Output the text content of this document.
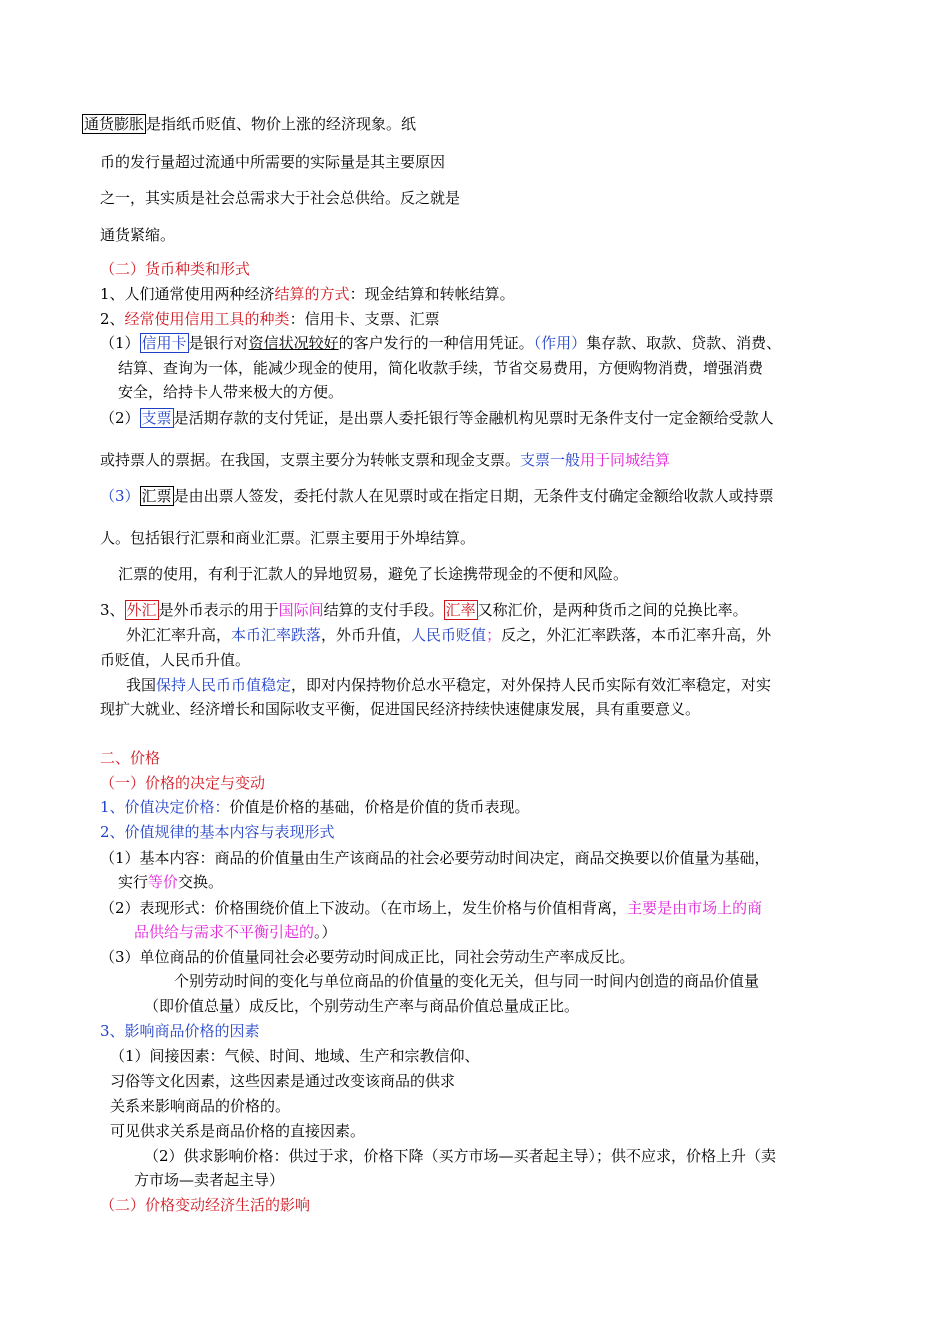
通货膨胀 是指纸币贬值、物价上涨的经济现象。纸
币的发行量超过流通中所需要的实际量是其主要原因
之一，其实质是社会总需求大于社会总供给。反之就是
通货紧缩。
（二）货币种类和形式
1、人们通常使用两种经济结算的方式：现金结算和转帐结算。
2、经常使用信用工具的种类：信用卡、支票、汇票
（1） 信用卡 是银行对资信状况较好的客户发行的一种信用凭证。（作用）集存款、取款、贷款、消费、
结算、查询为一体，能减少现金的使用，简化收款手续，节省交易费用，方便购物消费，增强消费
安全，给持卡人带来极大的方便。
（2） 支票 是活期存款的支付凭证，是出票人委托银行等金融机构见票时无条件支付一定金额给受款人
或持票人的票据。在我国，支票主要分为转帐支票和现金支票。支票一般用于同城结算
（3） 汇票 是由出票人签发，委托付款人在见票时或在指定日期，无条件支付确定金额给收款人或持票
人。包括银行汇票和商业汇票。汇票主要用于外埠结算。
汇票的使用，有利于汇款人的异地贸易，避免了长途携带现金的不便和风险。
3、 外汇 是外币表示的用于国际间结算的支付手段。 汇率 又称汇价，是两种货币之间的兑换比率。
外汇汇率升高，本币汇率跌落，外币升值，人民币贬值；反之，外汇汇率跌落，本币汇率升高，外
币贬值，人民币升值。
我国保持人民币币值稳定，即对内保持物价总水平稳定，对外保持人民币实际有效汇率稳定，对实
现扩大就业、经济增长和国际收支平衡，促进国民经济持续快速健康发展，具有重要意义。
二、价格
（一）价格的决定与变动
1、价值决定价格：价值是价格的基础，价格是价值的货币表现。
2、价值规律的基本内容与表现形式
（1）基本内容：商品的价值量由生产该商品的社会必要劳动时间决定，商品交换要以价值量为基础，
实行等价交换。
（2）表现形式：价格围绕价值上下波动。（在市场上，发生价格与价值相背离，主要是由市场上的商
品供给与需求不平衡引起的。）
（3）单位商品的价值量同社会必要劳动时间成正比，同社会劳动生产率成反比。
个别劳动时间的变化与单位商品的价值量的变化无关，但与同一时间内创造的商品价值量
（即价值总量）成反比，个别劳动生产率与商品价值总量成正比。
3、影响商品价格的因素
（1）间接因素：气候、时间、地域、生产和宗教信仰、
习俗等文化因素，这些因素是通过改变该商品的供求
关系来影响商品的价格的。
可见供求关系是商品价格的直接因素。
（2）供求影响价格：供过于求，价格下降（买方市场—买者起主导）；供不应求，价格上升（卖
方市场—卖者起主导）
（二）价格变动经济生活的影响
